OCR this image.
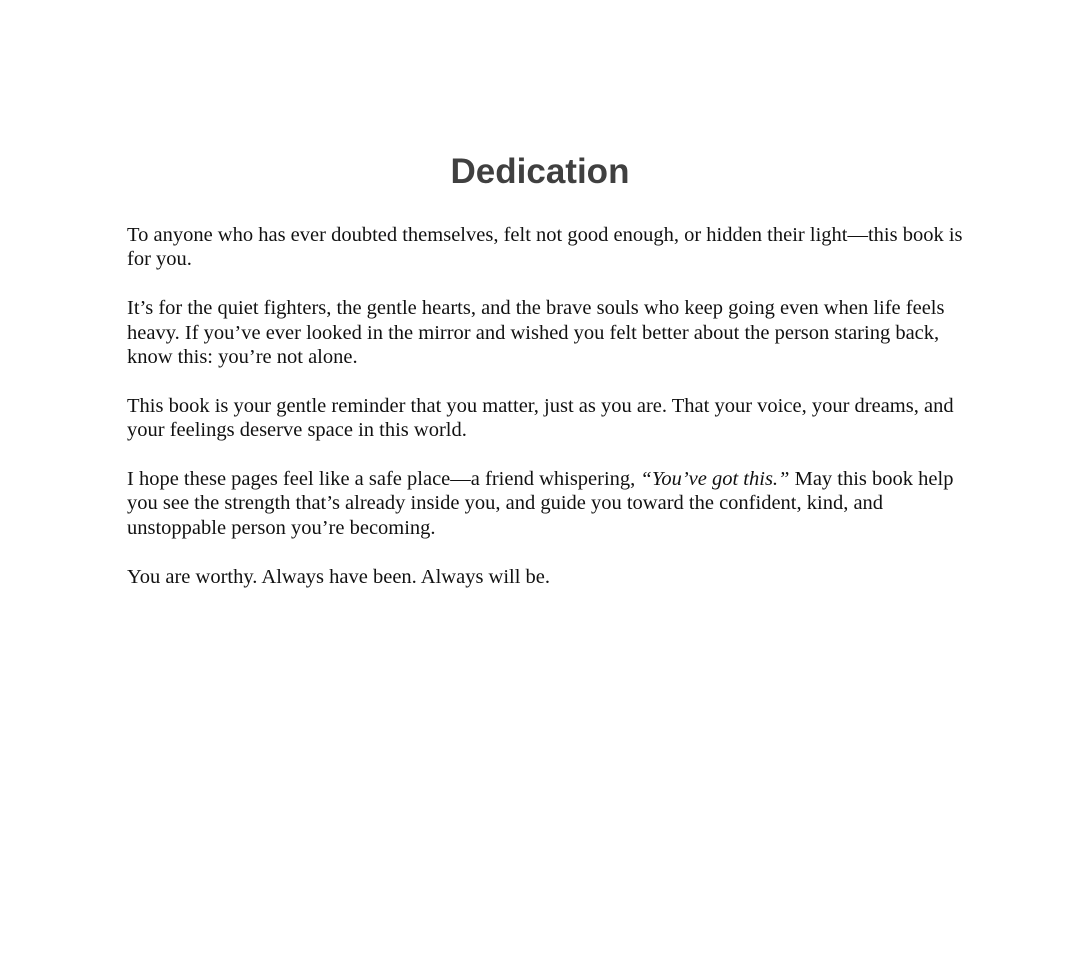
Dedication

To anyone who has ever doubted themselves, felt not good enough, or hidden their light—this book is for you.

It’s for the quiet fighters, the gentle hearts, and the brave souls who keep going even when life feels heavy. If you’ve ever looked in the mirror and wished you felt better about the person staring back, know this: you’re not alone.

This book is your gentle reminder that you matter, just as you are. That your voice, your dreams, and your feelings deserve space in this world.

I hope these pages feel like a safe place—a friend whispering, “You’ve got this.” May this book help you see the strength that’s already inside you, and guide you toward the confident, kind, and unstoppable person you’re becoming.

You are worthy. Always have been. Always will be.
